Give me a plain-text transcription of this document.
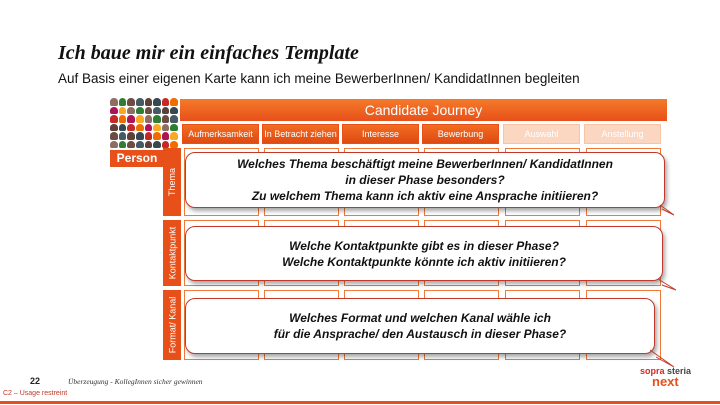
Ich baue mir ein einfaches Template
Auf Basis einer eigenen Karte kann ich meine BewerberInnen/ KandidatInnen begleiten
Candidate Journey
Aufmerksamkeit	In Betracht ziehen	Interesse	Bewerbung	Auswahl	Anstellung
Person
Thema
Kontaktpunkt
Format/ Kanal
Welches Thema beschäftigt meine BewerberInnen/ KandidatInnen
in dieser Phase besonders?
Zu welchem Thema kann ich aktiv eine Ansprache initiieren?
Welche Kontaktpunkte gibt es in dieser Phase?
Welche Kontaktpunkte könnte ich aktiv initiieren?
Welches Format und welchen Kanal wähle ich
für die Ansprache/ den Austausch in dieser Phase?
22	Überzeugung - KollegInnen sicher gewinnen
C2 – Usage restreint
sopra steria
next
